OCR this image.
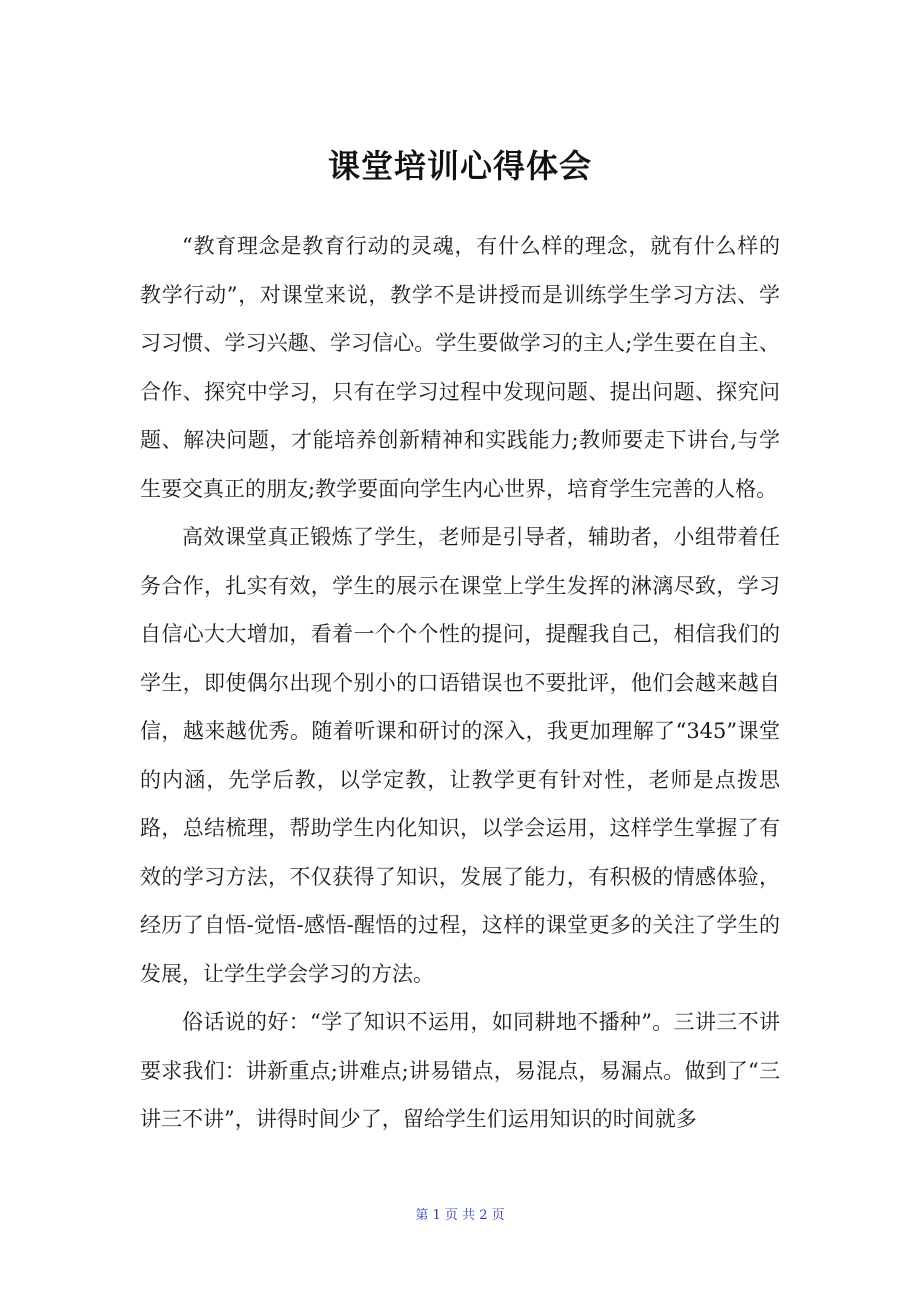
课堂培训心得体会

“教育理念是教育行动的灵魂，有什么样的理念，就有什么样的教学行动”，对课堂来说，教学不是讲授而是训练学生学习方法、学习习惯、学习兴趣、学习信心。学生要做学习的主人;学生要在自主、合作、探究中学习，只有在学习过程中发现问题、提出问题、探究问题、解决问题，才能培养创新精神和实践能力;教师要走下讲台,与学生要交真正的朋友;教学要面向学生内心世界，培育学生完善的人格。

高效课堂真正锻炼了学生，老师是引导者，辅助者，小组带着任务合作，扎实有效，学生的展示在课堂上学生发挥的淋漓尽致，学习自信心大大增加，看着一个个个性的提问，提醒我自己，相信我们的学生，即使偶尔出现个别小的口语错误也不要批评，他们会越来越自信，越来越优秀。随着听课和研讨的深入，我更加理解了“345”课堂的内涵，先学后教，以学定教，让教学更有针对性，老师是点拨思路，总结梳理，帮助学生内化知识，以学会运用，这样学生掌握了有效的学习方法，不仅获得了知识，发展了能力，有积极的情感体验，经历了自悟-觉悟-感悟-醒悟的过程，这样的课堂更多的关注了学生的发展，让学生学会学习的方法。

俗话说的好：“学了知识不运用，如同耕地不播种”。三讲三不讲要求我们：讲新重点;讲难点;讲易错点，易混点，易漏点。做到了“三讲三不讲”，讲得时间少了，留给学生们运用知识的时间就多

第 1 页 共 2 页
